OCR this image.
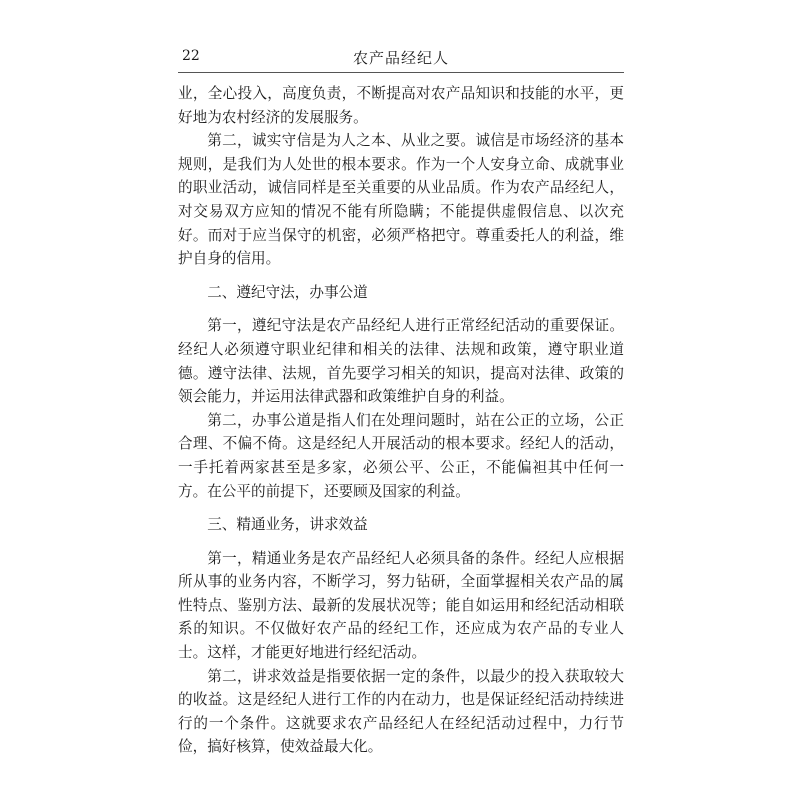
22	农产品经纪人

业，全心投入，高度负责，不断提高对农产品知识和技能的水平，更好地为农村经济的发展服务。

第二，诚实守信是为人之本、从业之要。诚信是市场经济的基本规则，是我们为人处世的根本要求。作为一个人安身立命、成就事业的职业活动，诚信同样是至关重要的从业品质。作为农产品经纪人，对交易双方应知的情况不能有所隐瞒；不能提供虚假信息、以次充好。而对于应当保守的机密，必须严格把守。尊重委托人的利益，维护自身的信用。

二、遵纪守法，办事公道

第一，遵纪守法是农产品经纪人进行正常经纪活动的重要保证。经纪人必须遵守职业纪律和相关的法律、法规和政策，遵守职业道德。遵守法律、法规，首先要学习相关的知识，提高对法律、政策的领会能力，并运用法律武器和政策维护自身的利益。

第二，办事公道是指人们在处理问题时，站在公正的立场，公正合理、不偏不倚。这是经纪人开展活动的根本要求。经纪人的活动，一手托着两家甚至是多家，必须公平、公正，不能偏袒其中任何一方。在公平的前提下，还要顾及国家的利益。

三、精通业务，讲求效益

第一，精通业务是农产品经纪人必须具备的条件。经纪人应根据所从事的业务内容，不断学习，努力钻研，全面掌握相关农产品的属性特点、鉴别方法、最新的发展状况等；能自如运用和经纪活动相联系的知识。不仅做好农产品的经纪工作，还应成为农产品的专业人士。这样，才能更好地进行经纪活动。

第二，讲求效益是指要依据一定的条件，以最少的投入获取较大的收益。这是经纪人进行工作的内在动力，也是保证经纪活动持续进行的一个条件。这就要求农产品经纪人在经纪活动过程中，力行节俭，搞好核算，使效益最大化。
